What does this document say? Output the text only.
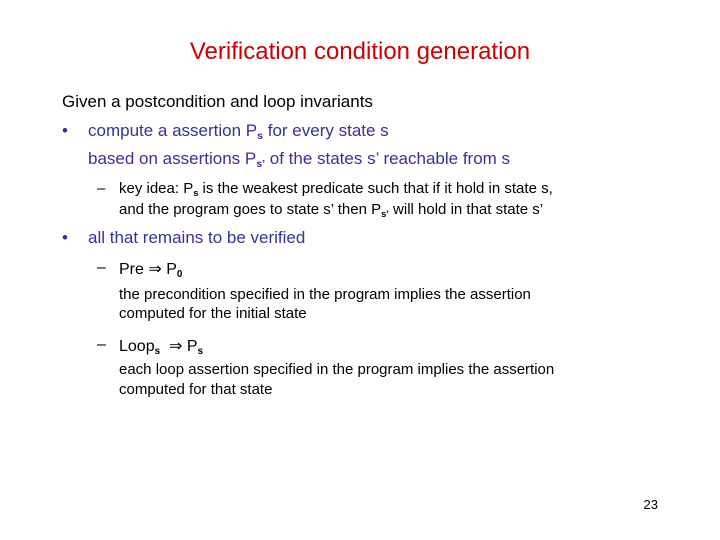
Verification condition generation
Given a postcondition and loop invariants
• compute a assertion $P_s$ for every state s
based on assertions $P_{s’}$ of the states s’ reachable from s
– key idea: $P_s$ is the weakest predicate such that if it hold in state s,
and the program goes to state s’ then $P_{s’}$ will hold in that state s’
• all that remains to be verified
– Pre ⇒ $P_0$
the precondition specified in the program implies the assertion
computed for the initial state
– Loop$_s$  ⇒ $P_s$
each loop assertion specified in the program implies the assertion
computed for that state
23
